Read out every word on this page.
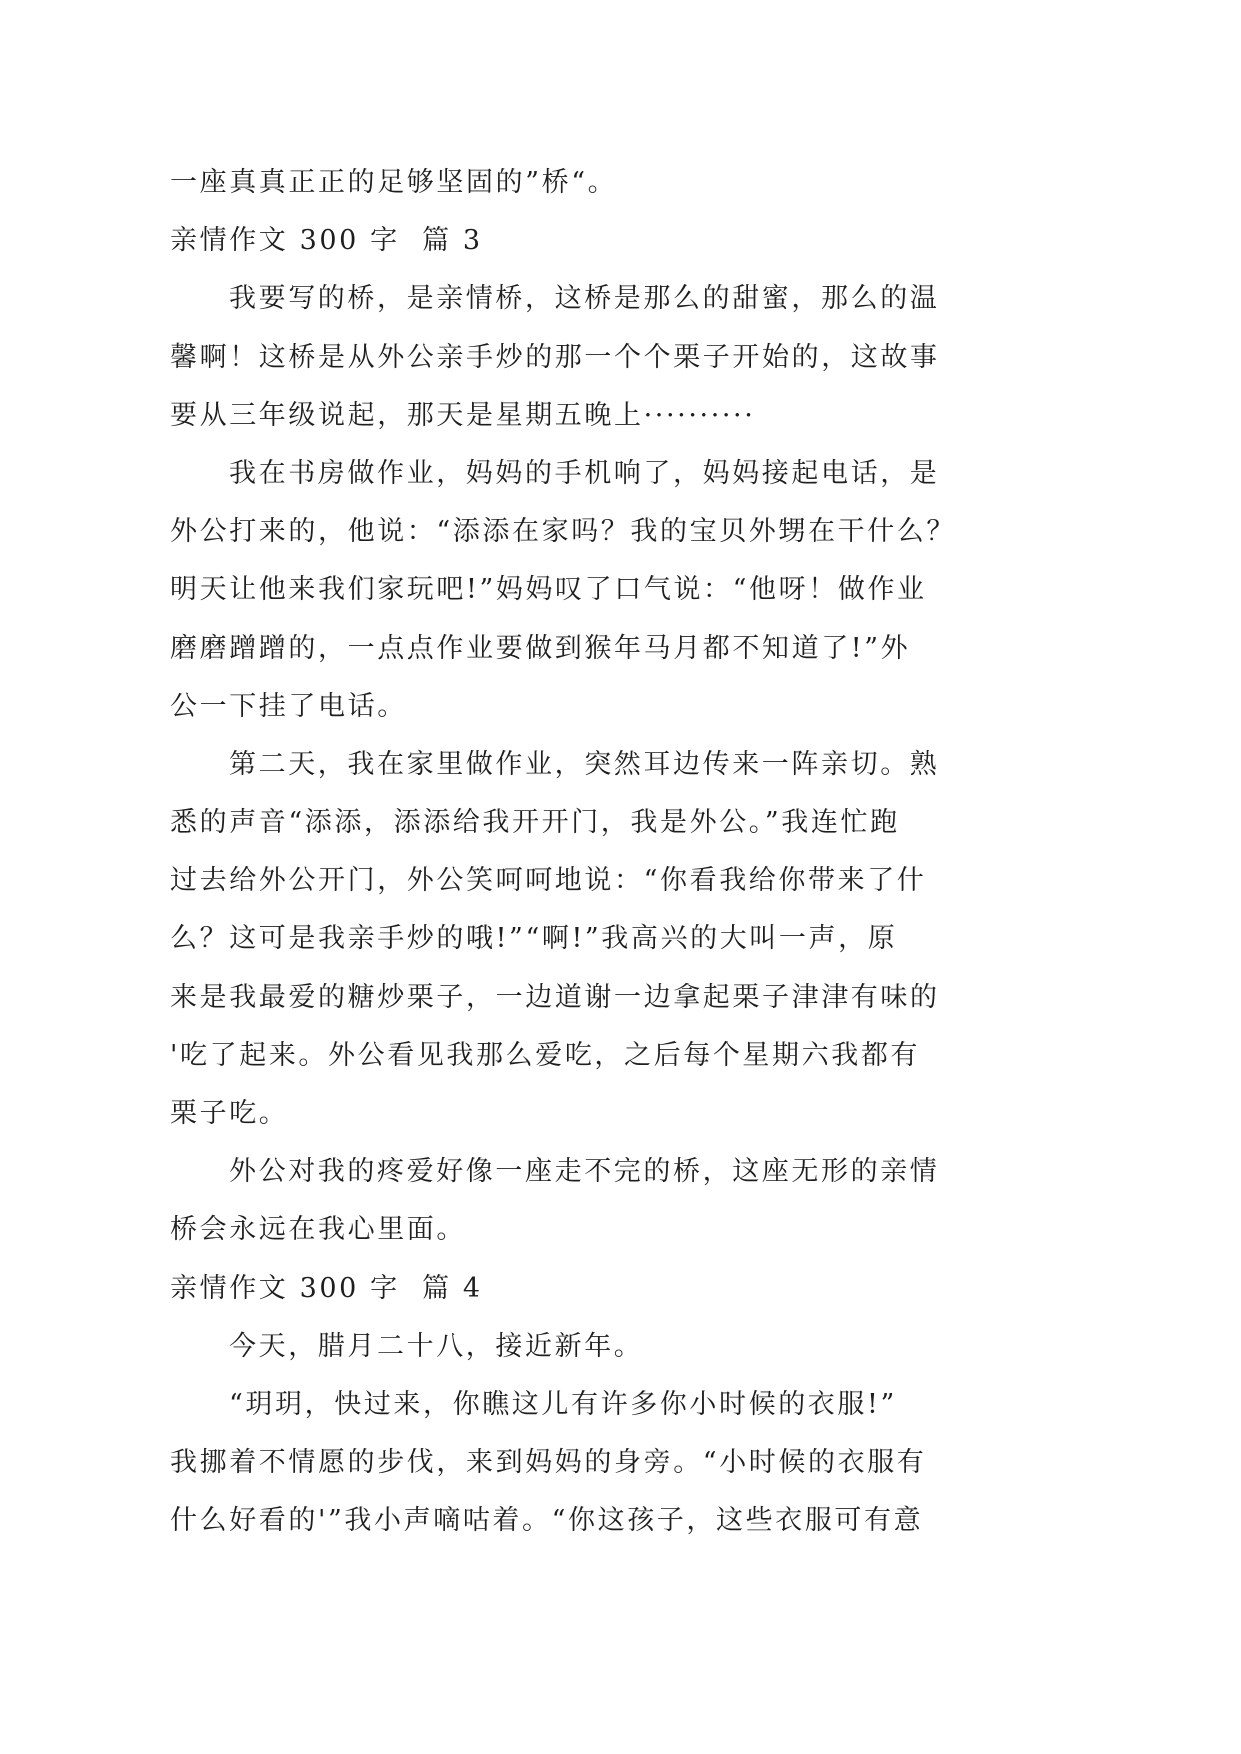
一座真真正正的足够坚固的”桥“。
亲情作文 300 字  篇 3
我要写的桥，是亲情桥，这桥是那么的甜蜜，那么的温
馨啊！这桥是从外公亲手炒的那一个个栗子开始的，这故事
要从三年级说起，那天是星期五晚上··········
我在书房做作业，妈妈的手机响了，妈妈接起电话，是
外公打来的，他说：“添添在家吗？我的宝贝外甥在干什么？
明天让他来我们家玩吧!”妈妈叹了口气说：“他呀！做作业
磨磨蹭蹭的，一点点作业要做到猴年马月都不知道了!”外
公一下挂了电话。
第二天，我在家里做作业，突然耳边传来一阵亲切。熟
悉的声音“添添，添添给我开开门，我是外公。”我连忙跑
过去给外公开门，外公笑呵呵地说：“你看我给你带来了什
么？这可是我亲手炒的哦!”“啊!”我高兴的大叫一声，原
来是我最爱的糖炒栗子，一边道谢一边拿起栗子津津有味的
'吃了起来。外公看见我那么爱吃，之后每个星期六我都有
栗子吃。
外公对我的疼爱好像一座走不完的桥，这座无形的亲情
桥会永远在我心里面。
亲情作文 300 字  篇 4
今天，腊月二十八，接近新年。
“玥玥，快过来，你瞧这儿有许多你小时候的衣服!”
我挪着不情愿的步伐，来到妈妈的身旁。“小时候的衣服有
什么好看的'”我小声嘀咕着。“你这孩子，这些衣服可有意
